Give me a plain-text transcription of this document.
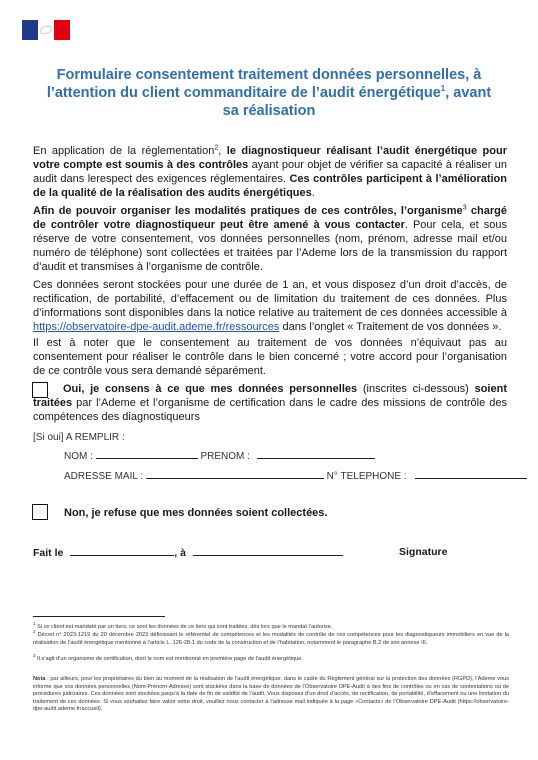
Formulaire consentement traitement données personnelles, à l’attention du client commanditaire de l’audit énergétique$^1$, avant sa réalisation

En application de la réglementation$^2$, le diagnostiqueur réalisant l’audit énergétique pour votre compte est soumis à des contrôles ayant pour objet de vérifier sa capacité à réaliser un audit dans lerespect des exigences réglementaires. Ces contrôles participent à l’amélioration de la qualité de la réalisation des audits énergétiques.

Afin de pouvoir organiser les modalités pratiques de ces contrôles, l’organisme$^3$ chargé de contrôler votre diagnostiqueur peut être amené à vous contacter. Pour cela, et sous réserve de votre consentement, vos données personnelles (nom, prénom, adresse mail et/ou numéro de téléphone) sont collectées et traitées par l’Ademe lors de la transmission du rapport d’audit et transmises à l’organisme de contrôle.

Ces données seront stockées pour une durée de 1 an, et vous disposez d’un droit d’accès, de rectification, de portabilité, d’effacement ou de limitation du traitement de ces données. Plus d’informations sont disponibles dans la notice relative au traitement de ces données accessible à https://observatoire-dpe-audit.ademe.fr/ressources dans l’onglet « Traitement de vos données ».

Il est à noter que le consentement au traitement de vos données n’équivaut pas au consentement pour réaliser le contrôle dans le bien concerné ; votre accord pour l’organisation de ce contrôle vous sera demandé séparément.

Oui, je consens à ce que mes données personnelles (inscrites ci-dessous) soient traitées par l’Ademe et l’organisme de certification dans le cadre des missions de contrôle des compétences des diagnostiqueurs

[Si oui] A REMPLIR :
NOM :	PRENOM :
ADRESSE MAIL :	N° TELEPHONE :

Non, je refuse que mes données soient collectées.

Fait le	, à	Signature

$^1$ Si ce client est mandaté par un tiers, ce sont les données de ce tiers qui sont traitées, dès lors que le mandat l’autorise.

$^2$ Décret n° 2023-1219 du 20 décembre 2023 définissant le référentiel de compétences et les modalités de contrôle de ces compétences pour les diagnostiqueurs immobiliers en vue de la réalisation de l’audit énergétique mentionné à l’article L. 126-28-1 du code de la construction et de l’habitation, notamment le paragraphe B.2 de son annexe III.

$^3$ Il s’agit d’un organisme de certification, dont le nom est mentionné en première page de l’audit énergétique.

Nota : par ailleurs, pour les propriétaires du bien au moment de la réalisation de l’audit énergétique, dans le cadre du Règlement général sur la protection des données (RGPD), l’Ademe vous informe que vos données personnelles (Nom-Prénom-Adresse) sont stockées dans la base de données de l’Observatoire DPE-Audit à des fins de contrôles ou en cas de contestations ou de procédures judiciaires. Ces données sont stockées jusqu’à la date de fin de validité de l’audit. Vous disposez d’un droit d’accès, de rectification, de portabilité, d’effacement ou une limitation du traitement de ces données. Si vous souhaitez faire valoir votre droit, veuillez nous contacter à l’adresse mail indiquée à la page «Contacts» de l’Observatoire DPE-Audit (https://observatoire-dpe-audit.ademe.fr/accueil).
